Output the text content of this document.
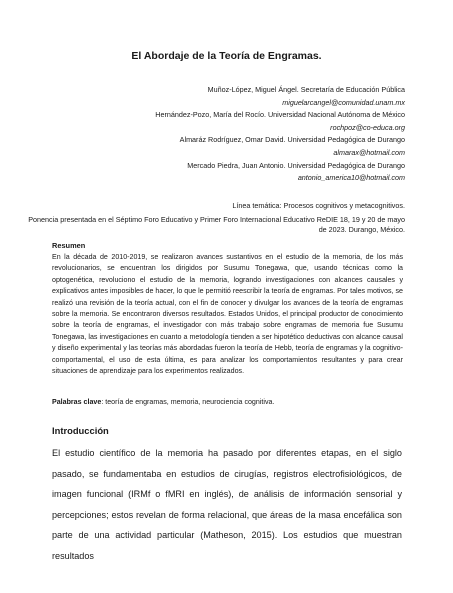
El Abordaje de la Teoría de Engramas.
Muñoz-López, Miguel Ángel. Secretaría de Educación Pública
miguelarcangel@comunidad.unam.mx
Hernández-Pozo, María del Rocío. Universidad Nacional Autónoma de México
rochpoz@co-educa.org
Almaráz Rodríguez, Omar David. Universidad Pedagógica de Durango
almarax@hotmail.com
Mercado Piedra, Juan Antonio. Universidad Pedagógica de Durango
antonio_america10@hotmail.com
Línea temática: Procesos cognitivos y metacognitivos.
Ponencia presentada en el Séptimo Foro Educativo y Primer Foro Internacional Educativo ReDIE 18, 19 y 20 de mayo de 2023. Durango, México.
Resumen
En la década de 2010-2019, se realizaron avances sustantivos en el estudio de la memoria, de los más revolucionarios, se encuentran los dirigidos por Susumu Tonegawa, que, usando técnicas como la optogenética, revoluciono el estudio de la memoria, logrando investigaciones con alcances causales y explicativos antes imposibles de hacer, lo que le permitió reescribir la teoría de engramas. Por tales motivos, se realizó una revisión de la teoría actual, con el fin de conocer y divulgar los avances de la teoría de engramas sobre la memoria. Se encontraron diversos resultados. Estados Unidos, el principal productor de conocimiento sobre la teoría de engramas, el investigador con más trabajo sobre engramas de memoria fue Susumu Tonegawa, las investigaciones en cuanto a metodología tienden a ser hipotético deductivas con alcance causal y diseño experimental y las teorías más abordadas fueron la teoría de Hebb, teoría de engramas y la cognitivo-comportamental, el uso de esta última, es para analizar los comportamientos resultantes y para crear situaciones de aprendizaje para los experimentos realizados.
Palabras clave: teoría de engramas, memoria, neurociencia cognitiva.
Introducción
El estudio científico de la memoria ha pasado por diferentes etapas, en el siglo pasado, se fundamentaba en estudios de cirugías, registros electrofisiológicos, de imagen funcional (IRMf o fMRI en inglés), de análisis de información sensorial y percepciones; estos revelan de forma relacional, que áreas de la masa encefálica son parte de una actividad particular (Matheson, 2015). Los estudios que muestran resultados
